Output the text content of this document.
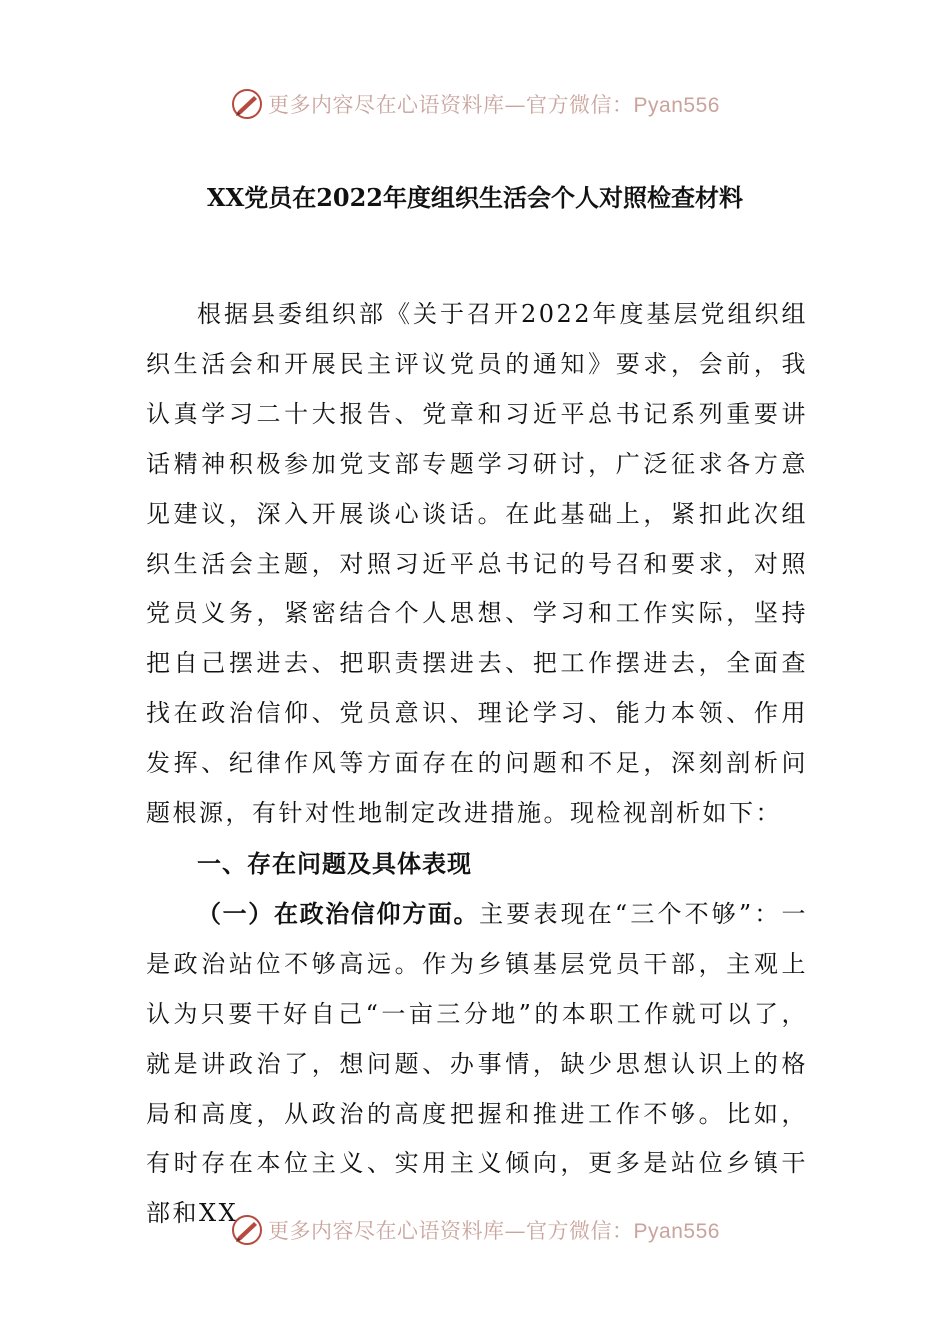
更多内容尽在心语资料库—官方微信：Pyan556
XX党员在2022年度组织生活会个人对照检查材料

根据县委组织部《关于召开2022年度基层党组织组织生活会和开展民主评议党员的通知》要求，会前，我认真学习二十大报告、党章和习近平总书记系列重要讲话精神积极参加党支部专题学习研讨，广泛征求各方意见建议，深入开展谈心谈话。在此基础上，紧扣此次组织生活会主题，对照习近平总书记的号召和要求，对照党员义务，紧密结合个人思想、学习和工作实际，坚持把自己摆进去、把职责摆进去、把工作摆进去，全面查找在政治信仰、党员意识、理论学习、能力本领、作用发挥、纪律作风等方面存在的问题和不足，深刻剖析问题根源，有针对性地制定改进措施。现检视剖析如下：

一、存在问题及具体表现

（一）在政治信仰方面。主要表现在“三个不够”：一是政治站位不够高远。作为乡镇基层党员干部，主观上认为只要干好自己“一亩三分地”的本职工作就可以了，就是讲政治了，想问题、办事情，缺少思想认识上的格局和高度，从政治的高度把握和推进工作不够。比如，有时存在本位主义、实用主义倾向，更多是站位乡镇干部和XX

更多内容尽在心语资料库—官方微信：Pyan556
